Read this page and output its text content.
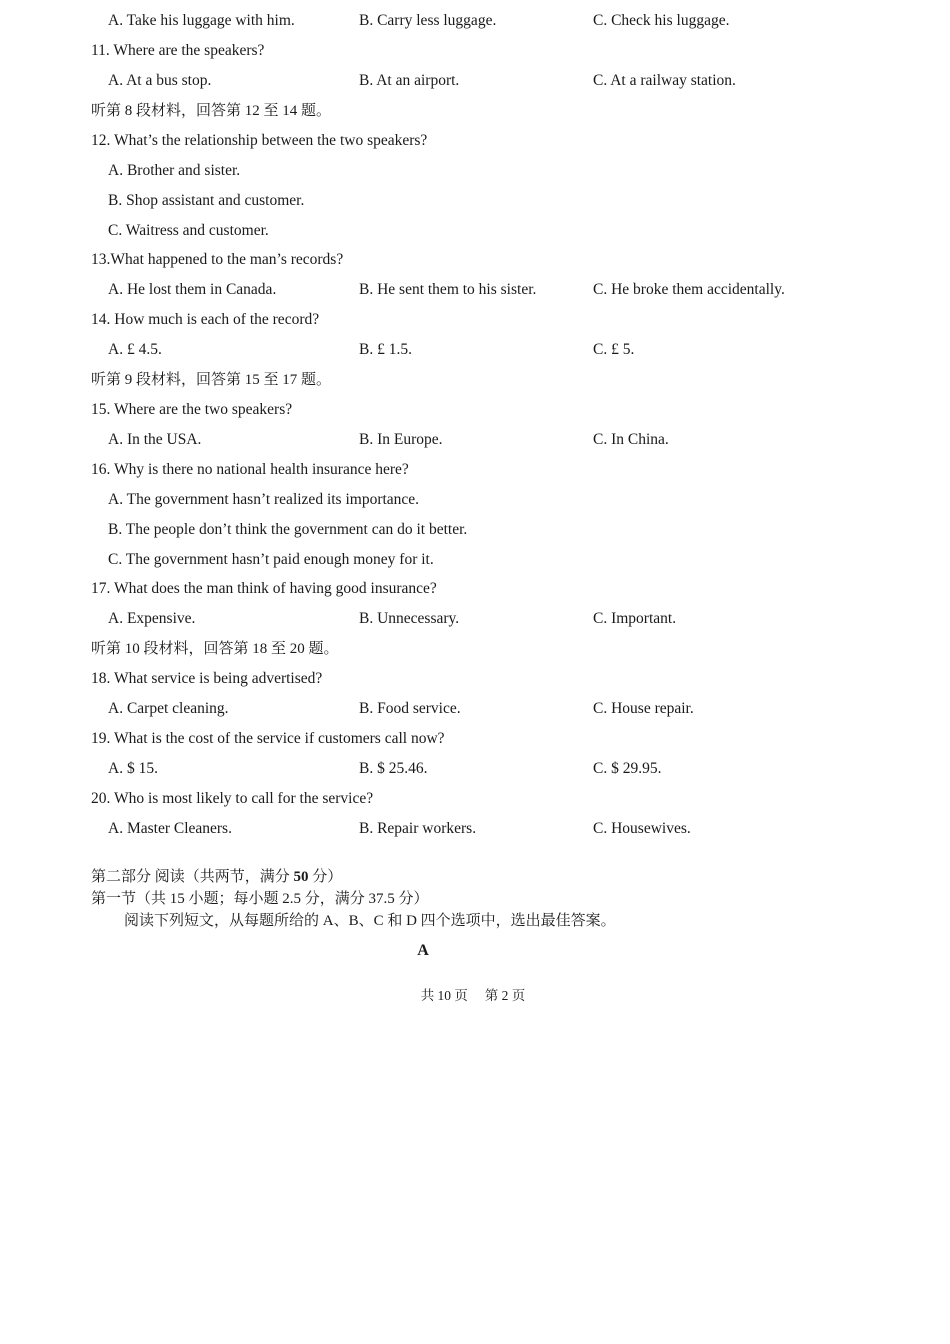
A. Take his luggage with him.	B. Carry less luggage.	C. Check his luggage.
11. Where are the speakers?
A. At a bus stop.	B. At an airport.	C. At a railway station.
听第 8 段材料，回答第 12 至 14 题。
12. What’s the relationship between the two speakers?
A. Brother and sister.
B. Shop assistant and customer.
C. Waitress and customer.
13.What happened to the man’s records?
A. He lost them in Canada.	B. He sent them to his sister.	C. He broke them accidentally.
14. How much is each of the record?
A. £ 4.5.	B. £ 1.5.	C. £ 5.
听第 9 段材料，回答第 15 至 17 题。
15. Where are the two speakers?
A. In the USA.	B. In Europe.	C. In China.
16. Why is there no national health insurance here?
A. The government hasn’t realized its importance.
B. The people don’t think the government can do it better.
C. The government hasn’t paid enough money for it.
17. What does the man think of having good insurance?
A. Expensive.	B. Unnecessary.	C. Important.
听第 10 段材料，回答第 18 至 20 题。
18. What service is being advertised?
A. Carpet cleaning.	B. Food service.	C. House repair.
19. What is the cost of the service if customers call now?
A. $ 15.	B. $ 25.46.	C. $ 29.95.
20. Who is most likely to call for the service?
A. Master Cleaners.	B. Repair workers.	C. Housewives.
第二部分 阅读（共两节，满分 50 分）
第一节（共 15 小题；每小题 2.5 分，满分 37.5 分）
阅读下列短文，从每题所给的 A、B、C 和 D 四个选项中，选出最佳答案。
A
共 10 页　 第 2 页
